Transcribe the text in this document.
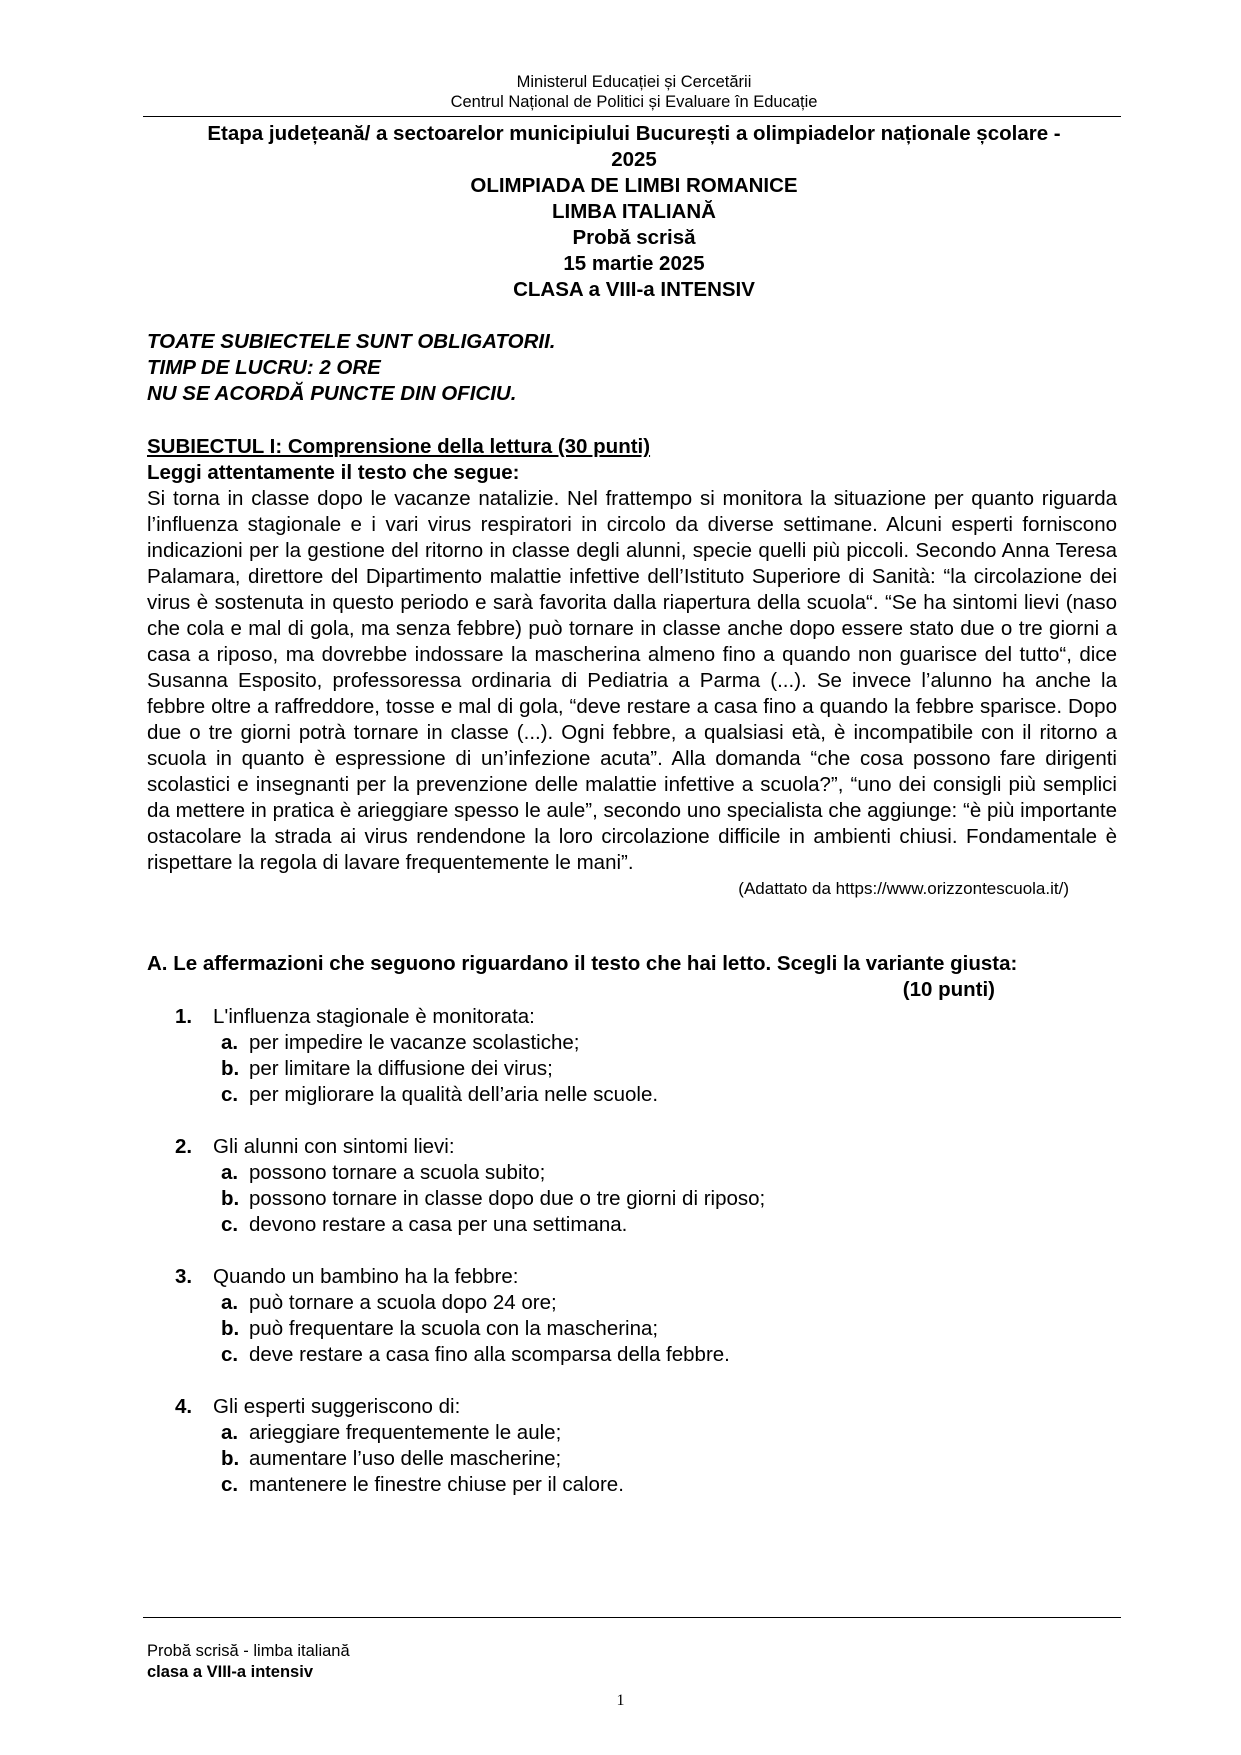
Ministerul Educației și Cercetării
Centrul Național de Politici și Evaluare în Educație
Etapa județeană/ a sectoarelor municipiului București a olimpiadelor naționale școlare -
2025
OLIMPIADA DE LIMBI ROMANICE
LIMBA ITALIANĂ
Probă scrisă
15 martie 2025
CLASA a VIII-a INTENSIV
TOATE SUBIECTELE SUNT OBLIGATORII.
TIMP DE LUCRU: 2 ORE
NU SE ACORDĂ PUNCTE DIN OFICIU.
SUBIECTUL I: Comprensione della lettura (30 punti)
Leggi attentamente il testo che segue:
Si torna in classe dopo le vacanze natalizie. Nel frattempo si monitora la situazione per quanto riguarda l’influenza stagionale e i vari virus respiratori in circolo da diverse settimane. Alcuni esperti forniscono indicazioni per la gestione del ritorno in classe degli alunni, specie quelli più piccoli. Secondo Anna Teresa Palamara, direttore del Dipartimento malattie infettive dell’Istituto Superiore di Sanità: “la circolazione dei virus è sostenuta in questo periodo e sarà favorita dalla riapertura della scuola“. “Se ha sintomi lievi (naso che cola e mal di gola, ma senza febbre) può tornare in classe anche dopo essere stato due o tre giorni a casa a riposo, ma dovrebbe indossare la mascherina almeno fino a quando non guarisce del tutto“, dice Susanna Esposito, professoressa ordinaria di Pediatria a Parma (...). Se invece l’alunno ha anche la febbre oltre a raffreddore, tosse e mal di gola, “deve restare a casa fino a quando la febbre sparisce. Dopo due o tre giorni potrà tornare in classe (...). Ogni febbre, a qualsiasi età, è incompatibile con il ritorno a scuola in quanto è espressione di un’infezione acuta”. Alla domanda “che cosa possono fare dirigenti scolastici e insegnanti per la prevenzione delle malattie infettive a scuola?”, “uno dei consigli più semplici da mettere in pratica è arieggiare spesso le aule”, secondo uno specialista che aggiunge: “è più importante ostacolare la strada ai virus rendendone la loro circolazione difficile in ambienti chiusi. Fondamentale è rispettare la regola di lavare frequentemente le mani”.
(Adattato da https://www.orizzontescuola.it/)
A. Le affermazioni che seguono riguardano il testo che hai letto. Scegli la variante giusta:
(10 punti)
1.	L'influenza stagionale è monitorata:
a. per impedire le vacanze scolastiche;
b. per limitare la diffusione dei virus;
c. per migliorare la qualità dell’aria nelle scuole.
2.	Gli alunni con sintomi lievi:
a. possono tornare a scuola subito;
b. possono tornare in classe dopo due o tre giorni di riposo;
c. devono restare a casa per una settimana.
3.	Quando un bambino ha la febbre:
a. può tornare a scuola dopo 24 ore;
b. può frequentare la scuola con la mascherina;
c. deve restare a casa fino alla scomparsa della febbre.
4.	Gli esperti suggeriscono di:
a. arieggiare frequentemente le aule;
b. aumentare l’uso delle mascherine;
c. mantenere le finestre chiuse per il calore.
Probă scrisă - limba italiană
clasa a VIII-a intensiv
1
